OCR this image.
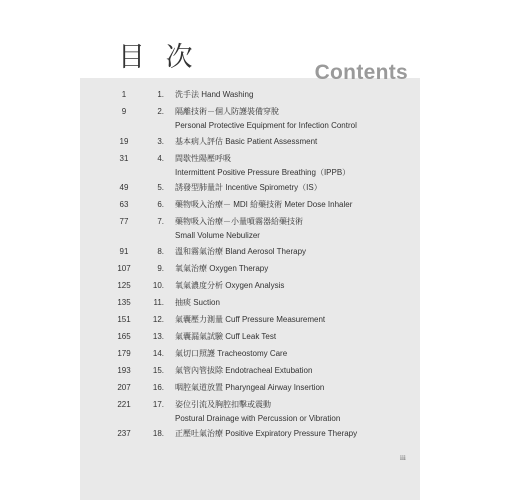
目 次	Contents
1	1. 洗手法 Hand Washing
9	2. 隔離技術－個人防護裝備穿脫
Personal Protective Equipment for Infection Control
19	3. 基本病人評估 Basic Patient Assessment
31	4. 間歇性陽壓呼吸
Intermittent Positive Pressure Breathing（IPPB）
49	5. 誘發型肺量計 Incentive Spirometry（IS）
63	6. 藥物吸入治療－ MDI 給藥技術 Meter Dose Inhaler
77	7. 藥物吸入治療－小量噴霧器給藥技術
Small Volume Nebulizer
91	8. 溫和霧氣治療 Bland Aerosol Therapy
107	9. 氧氣治療 Oxygen Therapy
125	10. 氧氣濃度分析 Oxygen Analysis
135	11. 抽痰 Suction
151	12. 氣囊壓力測量 Cuff Pressure Measurement
165	13. 氣囊漏氣試驗 Cuff Leak Test
179	14. 氣切口照護 Tracheostomy Care
193	15. 氣管內管拔除 Endotracheal Extubation
207	16. 咽腔氣道放置 Pharyngeal Airway Insertion
221	17. 姿位引流及胸腔扣擊或震動
Postural Drainage with Percussion or Vibration
237	18. 正壓吐氣治療 Positive Expiratory Pressure Therapy
iii
